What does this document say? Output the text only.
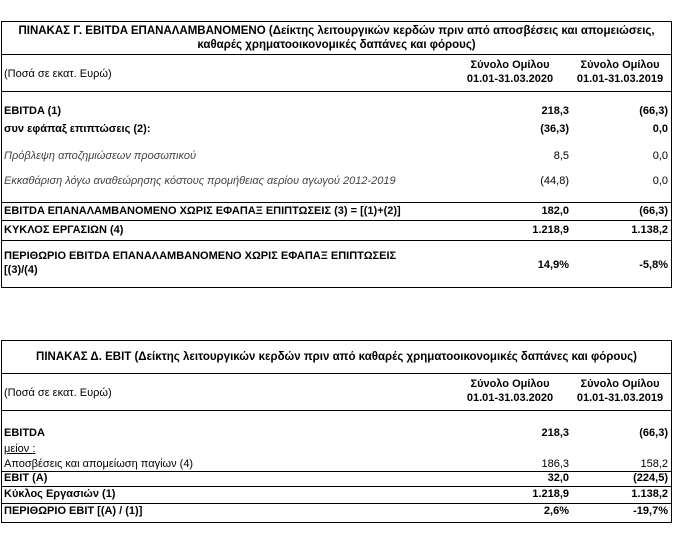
ΠΙΝΑΚΑΣ Γ. EBITDA ΕΠΑΝΑΛΑΜΒΑΝΟΜΕΝΟ (Δείκτης λειτουργικών κερδών πριν από αποσβέσεις και απομειώσεις,
καθαρές χρηματοοικονομικές δαπάνες και φόρους)
(Ποσά σε εκατ. Ευρώ)
Σύνολο Ομίλου
01.01-31.03.2020
Σύνολο Ομίλου
01.01-31.03.2019
EBITDA (1)	218,3	(66,3)
συν εφάπαξ επιπτώσεις (2):	(36,3)	0,0
Πρόβλεψη αποζημιώσεων προσωπικού	8,5	0,0
Εκκαθάριση λόγω αναθεώρησης κόστους προμήθειας αερίου αγωγού 2012-2019	(44,8)	0,0
EBITDA ΕΠΑΝΑΛΑΜΒΑΝΟΜΕΝΟ ΧΩΡΙΣ ΕΦΑΠΑΞ ΕΠΙΠΤΩΣΕΙΣ (3) = [(1)+(2)]	182,0	(66,3)
ΚΥΚΛΟΣ ΕΡΓΑΣΙΩΝ (4)	1.218,9	1.138,2
ΠΕΡΙΘΩΡΙΟ EBITDA ΕΠΑΝΑΛΑΜΒΑΝΟΜΕΝΟ ΧΩΡΙΣ ΕΦΑΠΑΞ ΕΠΙΠΤΩΣΕΙΣ
[(3)/(4)	14,9%	-5,8%
ΠΙΝΑΚΑΣ Δ. EBIT (Δείκτης λειτουργικών κερδών πριν από καθαρές χρηματοοικονομικές δαπάνες και φόρους)
(Ποσά σε εκατ. Ευρώ)
Σύνολο Ομίλου
01.01-31.03.2020
Σύνολο Ομίλου
01.01-31.03.2019
EBITDA	218,3	(66,3)
μείον :
Αποσβέσεις και απομείωση παγίων (4)	186,3	158,2
EBIT (A)	32,0	(224,5)
Κύκλος Εργασιών (1)	1.218,9	1.138,2
ΠΕΡΙΘΩΡΙΟ EBIT [(A) / (1)]	2,6%	-19,7%
